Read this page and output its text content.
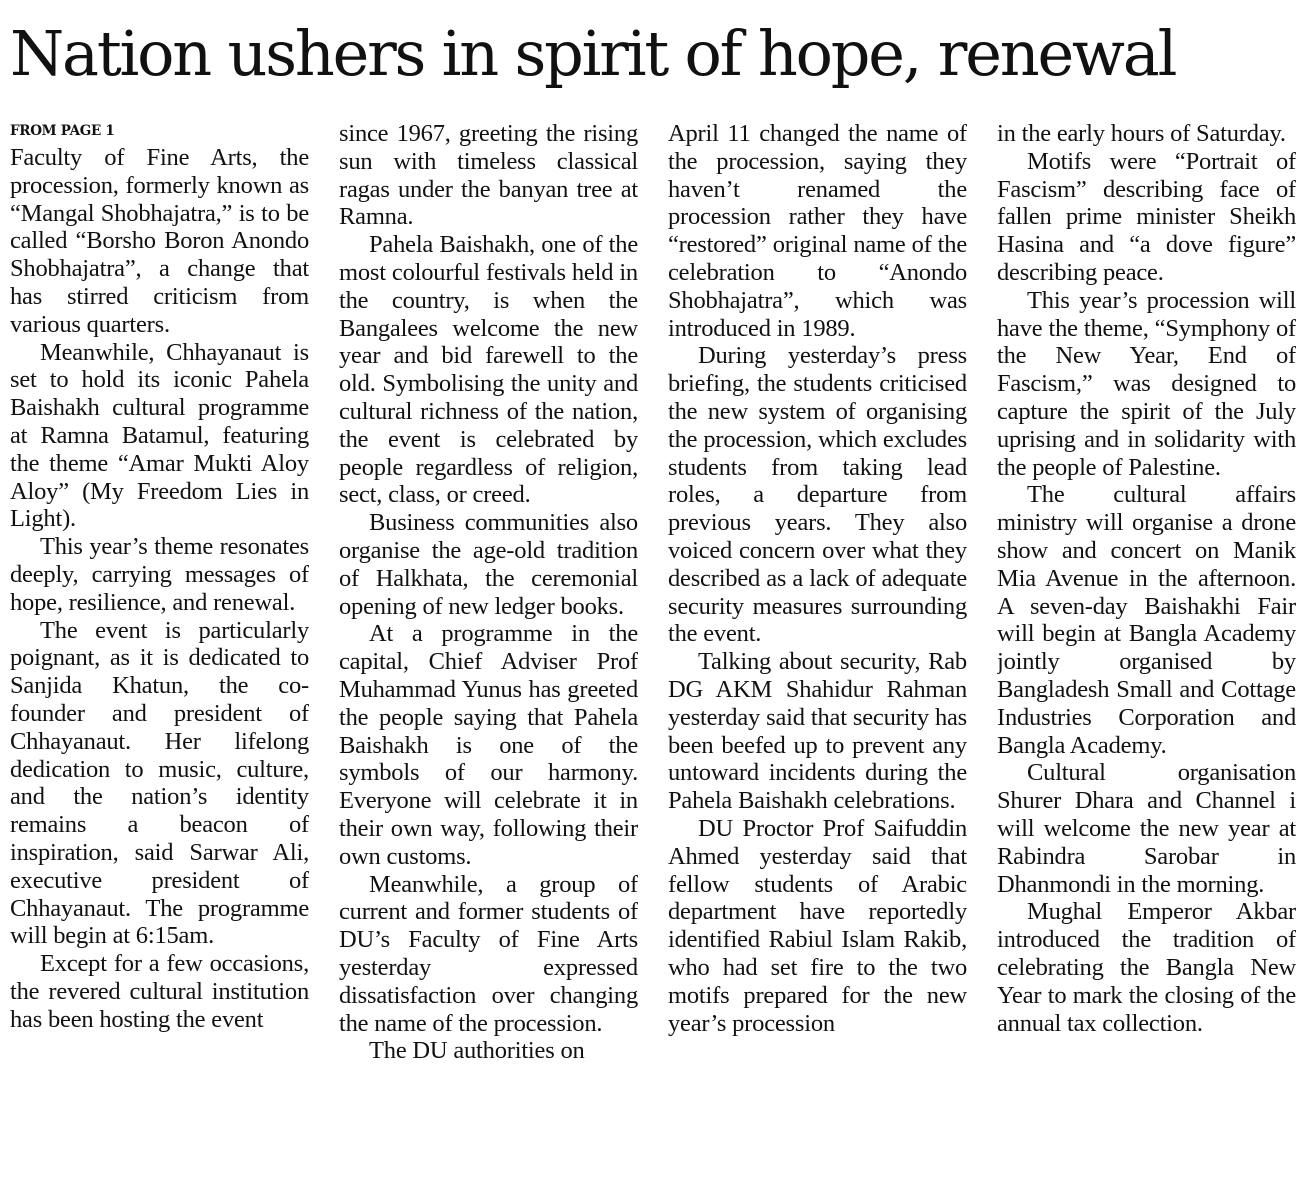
Nation ushers in spirit of hope, renewal
FROM PAGE 1

Faculty of Fine Arts, the procession, formerly known as “Mangal Shobhajatra,” is to be called “Borsho Boron Anondo Shobhajatra”, a change that has stirred criticism from various quarters.

Meanwhile, Chhayanaut is set to hold its iconic Pahela Baishakh cultural programme at Ramna Batamul, featuring the theme “Amar Mukti Aloy Aloy” (My Freedom Lies in Light).

This year’s theme resonates deeply, carrying messages of hope, resilience, and renewal.

The event is particularly poignant, as it is dedicated to Sanjida Khatun, the co-founder and president of Chhayanaut. Her lifelong dedication to music, culture, and the nation’s identity remains a beacon of inspiration, said Sarwar Ali, executive president of Chhayanaut. The programme will begin at 6:15am.

Except for a few occasions, the revered cultural institution has been hosting the event

since 1967, greeting the rising sun with timeless classical ragas under the banyan tree at Ramna.

Pahela Baishakh, one of the most colourful festivals held in the country, is when the Bangalees welcome the new year and bid farewell to the old. Symbolising the unity and cultural richness of the nation, the event is celebrated by people regardless of religion, sect, class, or creed.

Business communities also organise the age-old tradition of Halkhata, the ceremonial opening of new ledger books.

At a programme in the capital, Chief Adviser Prof Muhammad Yunus has greeted the people saying that Pahela Baishakh is one of the symbols of our harmony. Everyone will celebrate it in their own way, following their own customs.

Meanwhile, a group of current and former students of DU’s Faculty of Fine Arts yesterday expressed dissatisfaction over changing the name of the procession.

The DU authorities on

April 11 changed the name of the procession, saying they haven’t renamed the procession rather they have “restored” original name of the celebration to “Anondo Shobhajatra”, which was introduced in 1989.

During yesterday’s press briefing, the students criticised the new system of organising the procession, which excludes students from taking lead roles, a departure from previous years. They also voiced concern over what they described as a lack of adequate security measures surrounding the event.

Talking about security, Rab DG AKM Shahidur Rahman yesterday said that security has been beefed up to prevent any untoward incidents during the Pahela Baishakh celebrations.

DU Proctor Prof Saifuddin Ahmed yesterday said that fellow students of Arabic department have reportedly identified Rabiul Islam Rakib, who had set fire to the two motifs prepared for the new year’s procession

in the early hours of Saturday.

Motifs were “Portrait of Fascism” describing face of fallen prime minister Sheikh Hasina and “a dove figure” describing peace.

This year’s procession will have the theme, “Symphony of the New Year, End of Fascism,” was designed to capture the spirit of the July uprising and in solidarity with the people of Palestine.

The cultural affairs ministry will organise a drone show and concert on Manik Mia Avenue in the afternoon. A seven-day Baishakhi Fair will begin at Bangla Academy jointly organised by Bangladesh Small and Cottage Industries Corporation and Bangla Academy.

Cultural organisation Shurer Dhara and Channel i will welcome the new year at Rabindra Sarobar in Dhanmondi in the morning.

Mughal Emperor Akbar introduced the tradition of celebrating the Bangla New Year to mark the closing of the annual tax collection.
